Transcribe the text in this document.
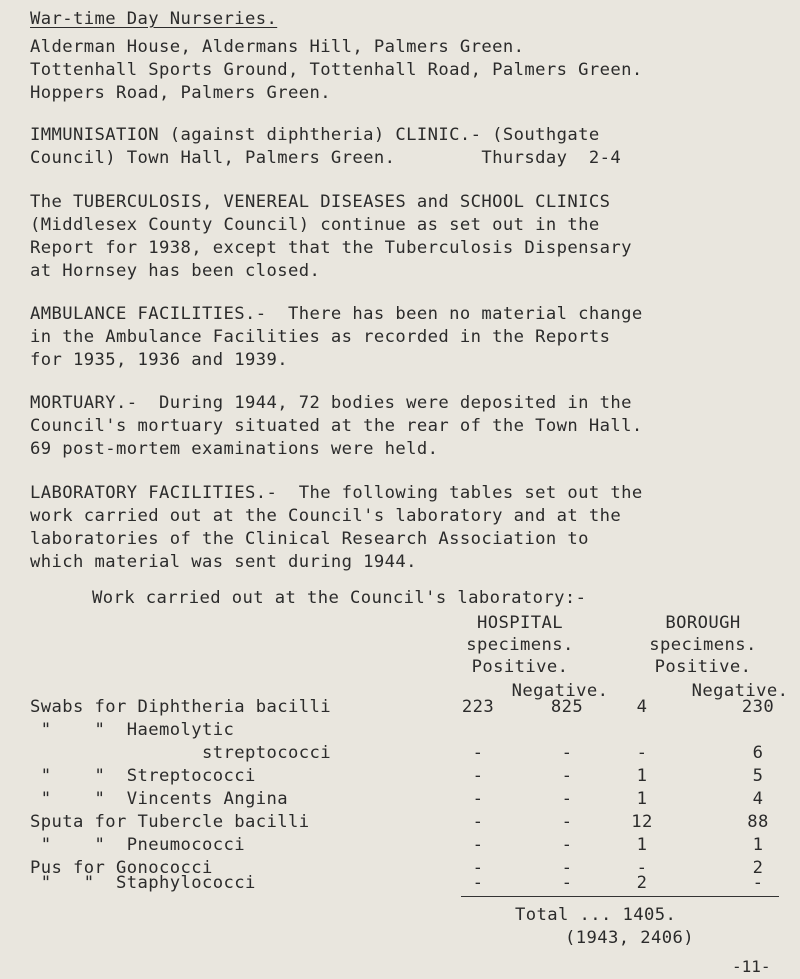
War-time Day Nurseries.
Alderman House, Aldermans Hill, Palmers Green.
Tottenhall Sports Ground, Tottenhall Road, Palmers Green.
Hoppers Road, Palmers Green.
IMMUNISATION (against diphtheria) CLINIC.- (Southgate
Council) Town Hall, Palmers Green.        Thursday  2-4
The TUBERCULOSIS, VENEREAL DISEASES and SCHOOL CLINICS
(Middlesex County Council) continue as set out in the
Report for 1938, except that the Tuberculosis Dispensary
at Hornsey has been closed.
AMBULANCE FACILITIES.-  There has been no material change
in the Ambulance Facilities as recorded in the Reports
for 1935, 1936 and 1939.
MORTUARY.-  During 1944, 72 bodies were deposited in the
Council's mortuary situated at the rear of the Town Hall.
69 post-mortem examinations were held.
LABORATORY FACILITIES.-  The following tables set out the
work carried out at the Council's laboratory and at the
laboratories of the Clinical Research Association to
which material was sent during 1944.
Work carried out at the Council's laboratory:-
HOSPITAL
specimens.
Positive.
BOROUGH
specimens.
Positive.
Negative.	Negative.
Swabs for Diphtheria bacilli	223	825	4	230
"    "  Haemolytic
streptococci	-	-	-	6
"    "  Streptococci	-	-	1	5
"    "  Vincents Angina	-	-	1	4
Sputa for Tubercle bacilli	-	-	12	88
"    "  Pneumococci	-	-	1	1
Pus for Gonococci	-	-	-	2
"   "  Staphylococci	-	-	2	-
Total ... 1405.
(1943, 2406)
-11-
